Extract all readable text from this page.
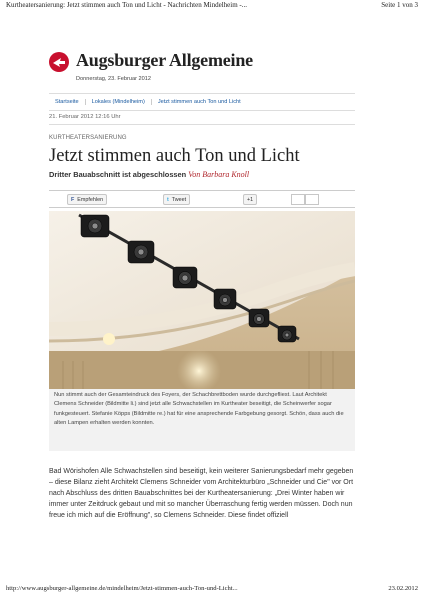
Kurtheatersanierung: Jetzt stimmen auch Ton und Licht - Nachrichten Mindelheim -...	Seite 1 von 3
Augsburger Allgemeine
Donnerstag, 23. Februar 2012
Startseite	Lokales (Mindelheim)	Jetzt stimmen auch Ton und Licht
21. Februar 2012 12:16 Uhr
KURTHEATERSANIERUNG
Jetzt stimmen auch Ton und Licht
Dritter Bauabschnitt ist abgeschlossen Von Barbara Knoll
F Empfehlen	t Tweet	+1
Nun stimmt auch der Gesamteindruck des Foyers, der Schachbrettboden wurde durchgefliest. Laut Architekt Clemens Schneider (Bildmitte li.) sind jetzt alle Schwachstellen im Kurtheater beseitigt, die Scheinwerfer sogar funkgesteuert. Stefanie Köpps (Bildmitte re.) hat für eine ansprechende Farbgebung gesorgt. Schön, dass auch die alten Lampen erhalten werden konnten.
Bad Wörishofen Alle Schwachstellen sind beseitigt, kein weiterer Sanierungsbedarf mehr gegeben – diese Bilanz zieht Architekt Clemens Schneider vom Architekturbüro „Schneider und Cie" vor Ort nach Abschluss des dritten Bauabschnittes bei der Kurtheatersanierung: „Drei Winter haben wir immer unter Zeitdruck gebaut und mit so mancher Überraschung fertig werden müssen. Doch nun freue ich mich auf die Eröffnung", so Clemens Schneider. Diese findet offiziell
http://www.augsburger-allgemeine.de/mindelheim/Jetzt-stimmen-auch-Ton-und-Licht...	23.02.2012
